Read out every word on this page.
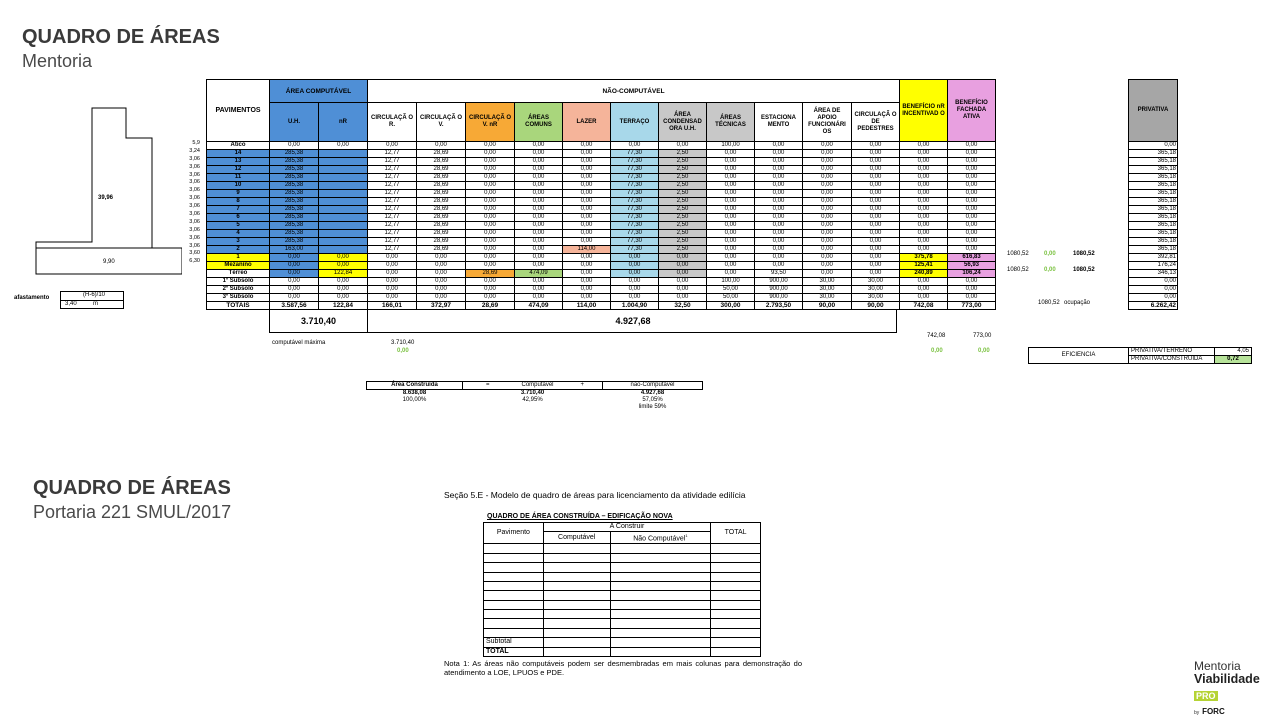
QUADRO DE ÁREAS
Mentoria
QUADRO DE ÁREAS
Portaria 221 SMUL/2017
39,96
9,90
afastamento	(H-6)/10
3,40	m
5,9
3,24
3,06
3,06
3,06
3,06
3,06
3,06
3,06
3,06
3,06
3,06
3,06
3,06
3,60
6,30
PAVIMENTOS	ÁREA COMPUTÁVEL		NÃO-COMPUTÁVEL											BENEFÍCIO nR INCENTIVAD O	BENEFÍCIO FACHADA ATIVA		PRIVATIVA
	U.H.	nR	CIRCULAÇÃ O R.	CIRCULAÇÃ O V.	CIRCULAÇÃ O V. nR	ÁREAS COMUNS	LAZER	TERRAÇO	ÁREA CONDENSAD ORA U.H.	ÁREAS TÉCNICAS	ESTACIONA MENTO	ÁREA DE APOIO FUNCIONÁRI OS	CIRCULAÇÃ O DE PEDESTRES				
Ático	0,00	0,00	0,00	0,00	0,00	0,00	0,00	0,00	0,00	100,00	0,00	0,00	0,00	0,00	0,00		0,00
14	285,38		12,77	28,69	0,00	0,00	0,00	77,30	2,50	0,00	0,00	0,00	0,00	0,00	0,00		365,18
13	285,38		12,77	28,69	0,00	0,00	0,00	77,30	2,50	0,00	0,00	0,00	0,00	0,00	0,00		365,18
12	285,38		12,77	28,69	0,00	0,00	0,00	77,30	2,50	0,00	0,00	0,00	0,00	0,00	0,00		365,18
11	285,38		12,77	28,69	0,00	0,00	0,00	77,30	2,50	0,00	0,00	0,00	0,00	0,00	0,00		365,18
10	285,38		12,77	28,69	0,00	0,00	0,00	77,30	2,50	0,00	0,00	0,00	0,00	0,00	0,00		365,18
9	285,38		12,77	28,69	0,00	0,00	0,00	77,30	2,50	0,00	0,00	0,00	0,00	0,00	0,00		365,18
8	285,38		12,77	28,69	0,00	0,00	0,00	77,30	2,50	0,00	0,00	0,00	0,00	0,00	0,00		365,18
7	285,38		12,77	28,69	0,00	0,00	0,00	77,30	2,50	0,00	0,00	0,00	0,00	0,00	0,00		365,18
6	285,38		12,77	28,69	0,00	0,00	0,00	77,30	2,50	0,00	0,00	0,00	0,00	0,00	0,00		365,18
5	285,38		12,77	28,69	0,00	0,00	0,00	77,30	2,50	0,00	0,00	0,00	0,00	0,00	0,00		365,18
4	285,38		12,77	28,69	0,00	0,00	0,00	77,30	2,50	0,00	0,00	0,00	0,00	0,00	0,00		365,18
3	285,38		12,77	28,69	0,00	0,00	0,00	77,30	2,50	0,00	0,00	0,00	0,00	0,00	0,00		365,18
2	163,00		12,77	28,69	0,00	0,00	114,00	77,30	2,50	0,00	0,00	0,00	0,00	0,00	0,00		365,18
1	0,00	0,00	0,00	0,00	0,00	0,00	0,00	0,00	0,00	0,00	0,00	0,00	0,00	375,78	616,83		392,81
Mezanino	0,00	0,00	0,00	0,00	0,00	0,00	0,00	0,00	0,00	0,00	0,00	0,00	0,00	125,41	56,93		176,24
Térreo	0,00	122,84	0,00	0,00	28,69	474,09	0,00	0,00	0,00	0,00	93,50	0,00	0,00	240,89	106,24		346,13
1º Subsolo	0,00	0,00	0,00	0,00	0,00	0,00	0,00	0,00	0,00	100,00	900,00	30,00	30,00	0,00	0,00		0,00
2º Subsolo	0,00	0,00	0,00	0,00	0,00	0,00	0,00	0,00	0,00	50,00	900,00	30,00	30,00	0,00	0,00		0,00
3º Subsolo	0,00	0,00	0,00	0,00	0,00	0,00	0,00	0,00	0,00	50,00	900,00	30,00	30,00	0,00	0,00		0,00
TOTAIS	3.587,56	122,84	166,01	372,97	28,69	474,09	114,00	1.004,90	32,50	300,00	2.793,50	90,00	90,00	742,08	773,00		6.262,42
1080,52	0,00	1080,52
1080,52	0,00	1080,52
1080,52 ocupação
3.710,40	4.927,68
computável máxima	3.710,40
0,00
742,08	773,00
0,00	0,00
EFICIENCIA	PRIVATIVA/TERRENO	4,05
	PRIVATIVA/CONSTRUIDA	0,72
Área Construída	=	Computável	+	não-Computável
8.638,08	3.710,40			4.927,68
100,00%	42,95%			57,05%
				limite 59%
Seção 5.E - Modelo de quadro de áreas para licenciamento da atividade edilícia
QUADRO DE ÁREA CONSTRUÍDA – EDIFICAÇÃO NOVA
Pavimento	A Construir		TOTAL
	Computável	Não Computável$^1$

Subtotal			
TOTAL			
Nota 1: As áreas não computáveis podem ser desmembradas em mais colunas para demonstração do atendimento a LOE, LPUOS e PDE.	Mentoria
Viabilidade
PRO
by FORC
